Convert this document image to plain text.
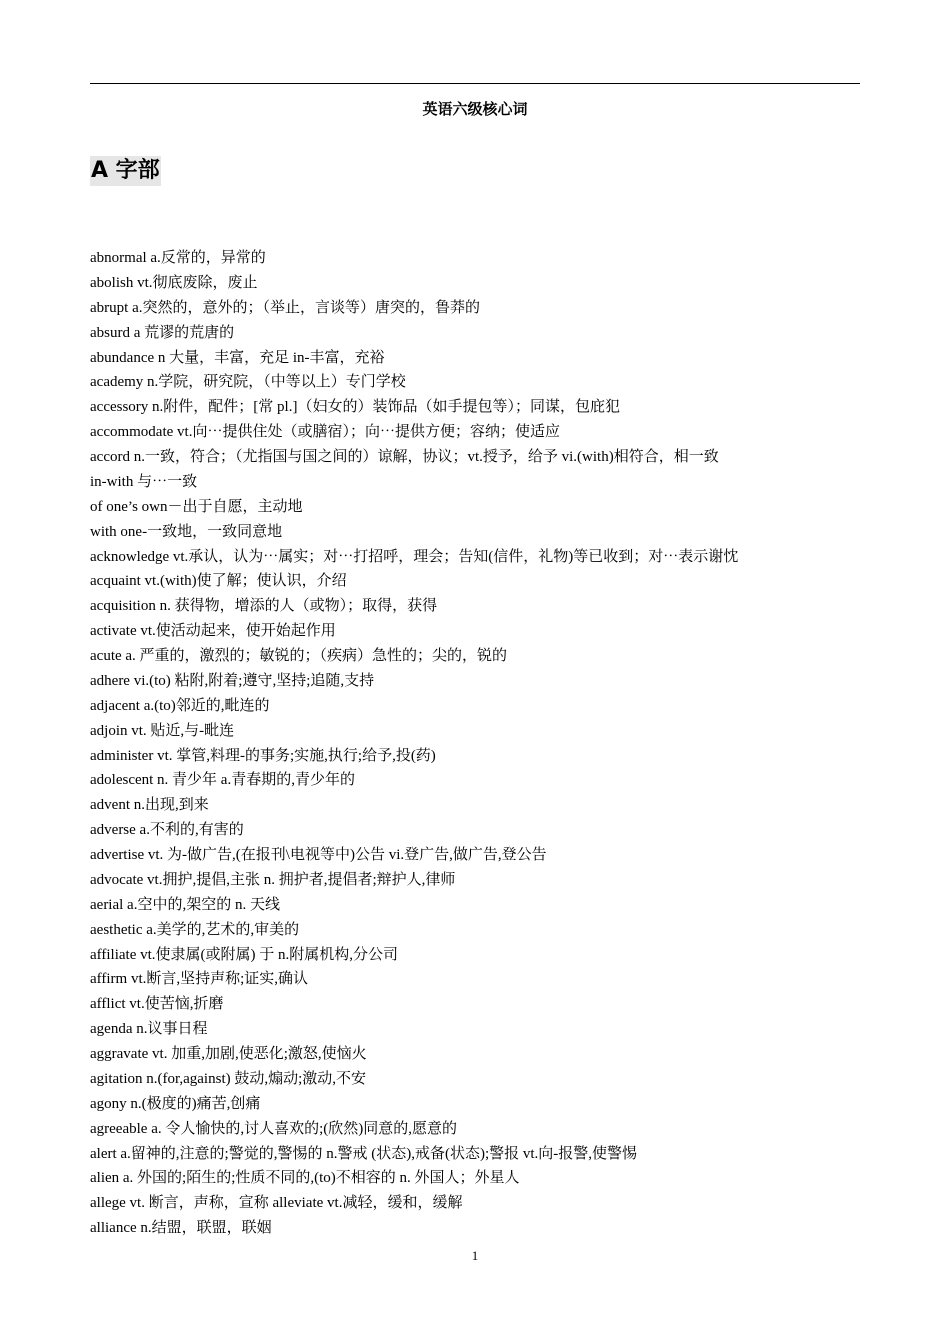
英语六级核心词
A 字部
abnormal a.反常的，异常的
abolish vt.彻底废除，废止
abrupt a.突然的，意外的；（举止，言谈等）唐突的，鲁莽的
absurd a 荒谬的荒唐的
abundance n 大量，丰富，充足 in-丰富，充裕
academy n.学院，研究院，（中等以上）专门学校
accessory n.附件，配件；[常 pl.]（妇女的）装饰品（如手提包等）；同谋，包庇犯
accommodate vt.向⋯提供住处（或膳宿）；向⋯提供方便；容纳；使适应
accord n.一致，符合；（尤指国与国之间的）谅解，协议；vt.授予，给予 vi.(with)相符合，相一致
in-with 与⋯一致
of one’s own－出于自愿，主动地
with one-一致地，一致同意地
acknowledge vt.承认，认为⋯属实；对⋯打招呼，理会；告知(信件，礼物)等已收到；对⋯表示谢忱
acquaint vt.(with)使了解；使认识，介绍
acquisition n. 获得物，增添的人（或物）；取得，获得
activate vt.使活动起来，使开始起作用
acute a. 严重的，激烈的；敏锐的；（疾病）急性的；尖的，锐的
adhere vi.(to) 粘附,附着;遵守,坚持;追随,支持
adjacent a.(to)邻近的,毗连的
adjoin vt. 贴近,与-毗连
administer vt. 掌管,料理-的事务;实施,执行;给予,投(药)
adolescent n. 青少年 a.青春期的,青少年的
advent n.出现,到来
adverse a.不利的,有害的
advertise vt. 为-做广告,(在报刊\电视等中)公告 vi.登广告,做广告,登公告
advocate vt.拥护,提倡,主张 n. 拥护者,提倡者;辩护人,律师
aerial a.空中的,架空的 n. 天线
aesthetic a.美学的,艺术的,审美的
affiliate vt.使隶属(或附属) 于 n.附属机构,分公司
affirm vt.断言,坚持声称;证实,确认
afflict vt.使苦恼,折磨
agenda n.议事日程
aggravate vt. 加重,加剧,使恶化;激怒,使恼火
agitation n.(for,against) 鼓动,煽动;激动,不安
agony n.(极度的)痛苦,创痛
agreeable a. 令人愉快的,讨人喜欢的;(欣然)同意的,愿意的
alert a.留神的,注意的;警觉的,警惕的 n.警戒 (状态),戒备(状态);警报 vt.向-报警,使警惕
alien a. 外国的;陌生的;性质不同的,(to)不相容的 n. 外国人；外星人
allege vt. 断言，声称，宣称 alleviate vt.减轻，缓和，缓解
alliance n.结盟，联盟，联姻
1
